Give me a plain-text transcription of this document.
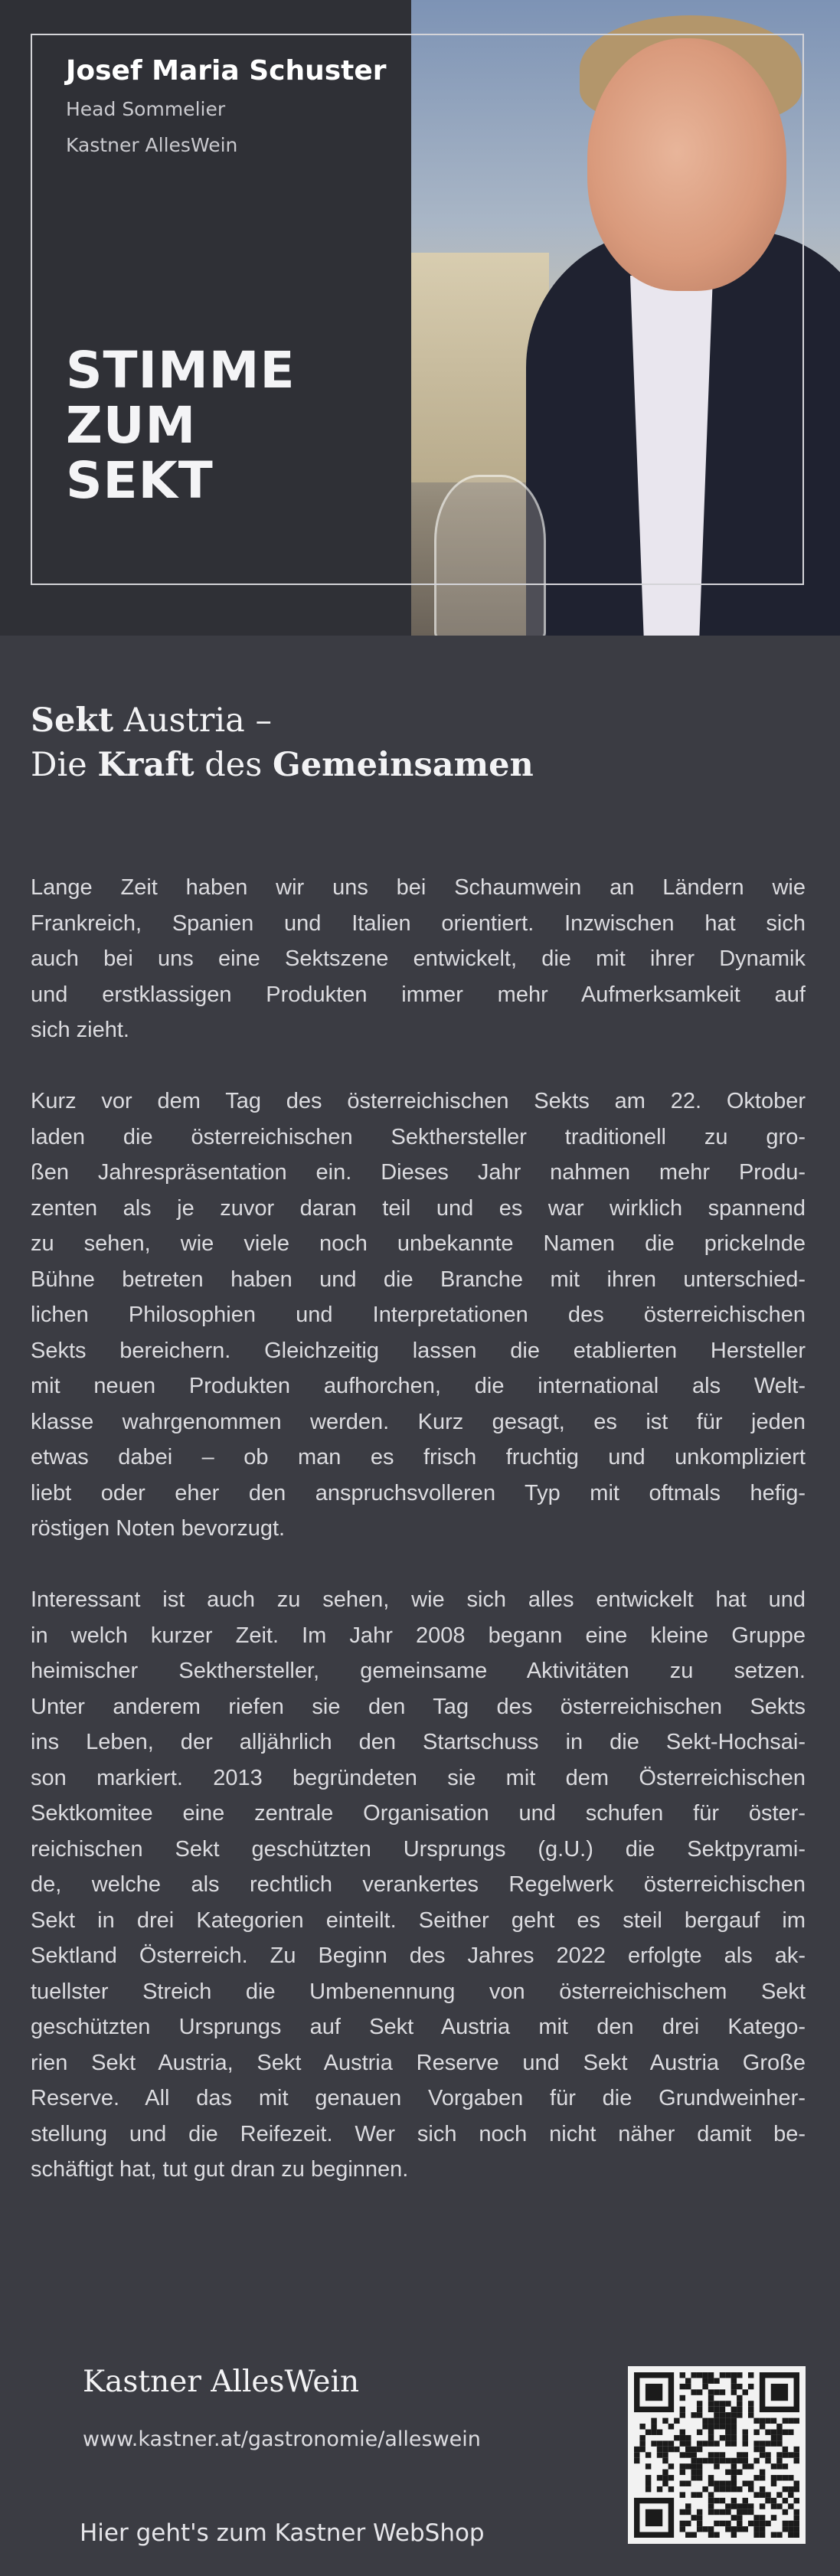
Josef Maria Schuster
Head Sommelier
Kastner AllesWein
STIMME
ZUM
SEKT
Sekt Austria –
Die Kraft des Gemeinsamen
Lange Zeit haben wir uns bei Schaumwein an Ländern wie
Frankreich, Spanien und Italien orientiert. Inzwischen hat sich
auch bei uns eine Sektszene entwickelt, die mit ihrer Dynamik
und erstklassigen Produkten immer mehr Aufmerksamkeit auf
sich zieht.
Kurz vor dem Tag des österreichischen Sekts am 22. Oktober
laden die österreichischen Sekthersteller traditionell zu gro-
ßen Jahrespräsentation ein. Dieses Jahr nahmen mehr Produ-
zenten als je zuvor daran teil und es war wirklich spannend
zu sehen, wie viele noch unbekannte Namen die prickelnde
Bühne betreten haben und die Branche mit ihren unterschied-
lichen Philosophien und Interpretationen des österreichischen
Sekts bereichern. Gleichzeitig lassen die etablierten Hersteller
mit neuen Produkten aufhorchen, die international als Welt-
klasse wahrgenommen werden. Kurz gesagt, es ist für jeden
etwas dabei – ob man es frisch fruchtig und unkompliziert
liebt oder eher den anspruchsvolleren Typ mit oftmals hefig-
röstigen Noten bevorzugt.
Interessant ist auch zu sehen, wie sich alles entwickelt hat und
in welch kurzer Zeit. Im Jahr 2008 begann eine kleine Gruppe
heimischer Sekthersteller, gemeinsame Aktivitäten zu setzen.
Unter anderem riefen sie den Tag des österreichischen Sekts
ins Leben, der alljährlich den Startschuss in die Sekt-Hochsai-
son markiert. 2013 begründeten sie mit dem Österreichischen
Sektkomitee eine zentrale Organisation und schufen für öster-
reichischen Sekt geschützten Ursprungs (g.U.) die Sektpyrami-
de, welche als rechtlich verankertes Regelwerk österreichischen
Sekt in drei Kategorien einteilt. Seither geht es steil bergauf im
Sektland Österreich. Zu Beginn des Jahres 2022 erfolgte als ak-
tuellster Streich die Umbenennung von österreichischem Sekt
geschützten Ursprungs auf Sekt Austria mit den drei Katego-
rien Sekt Austria, Sekt Austria Reserve und Sekt Austria Große
Reserve. All das mit genauen Vorgaben für die Grundweinher-
stellung und die Reifezeit. Wer sich noch nicht näher damit be-
schäftigt hat, tut gut dran zu beginnen.
Kastner AllesWein
www.kastner.at/gastronomie/alleswein
Hier geht's zum Kastner WebShop
